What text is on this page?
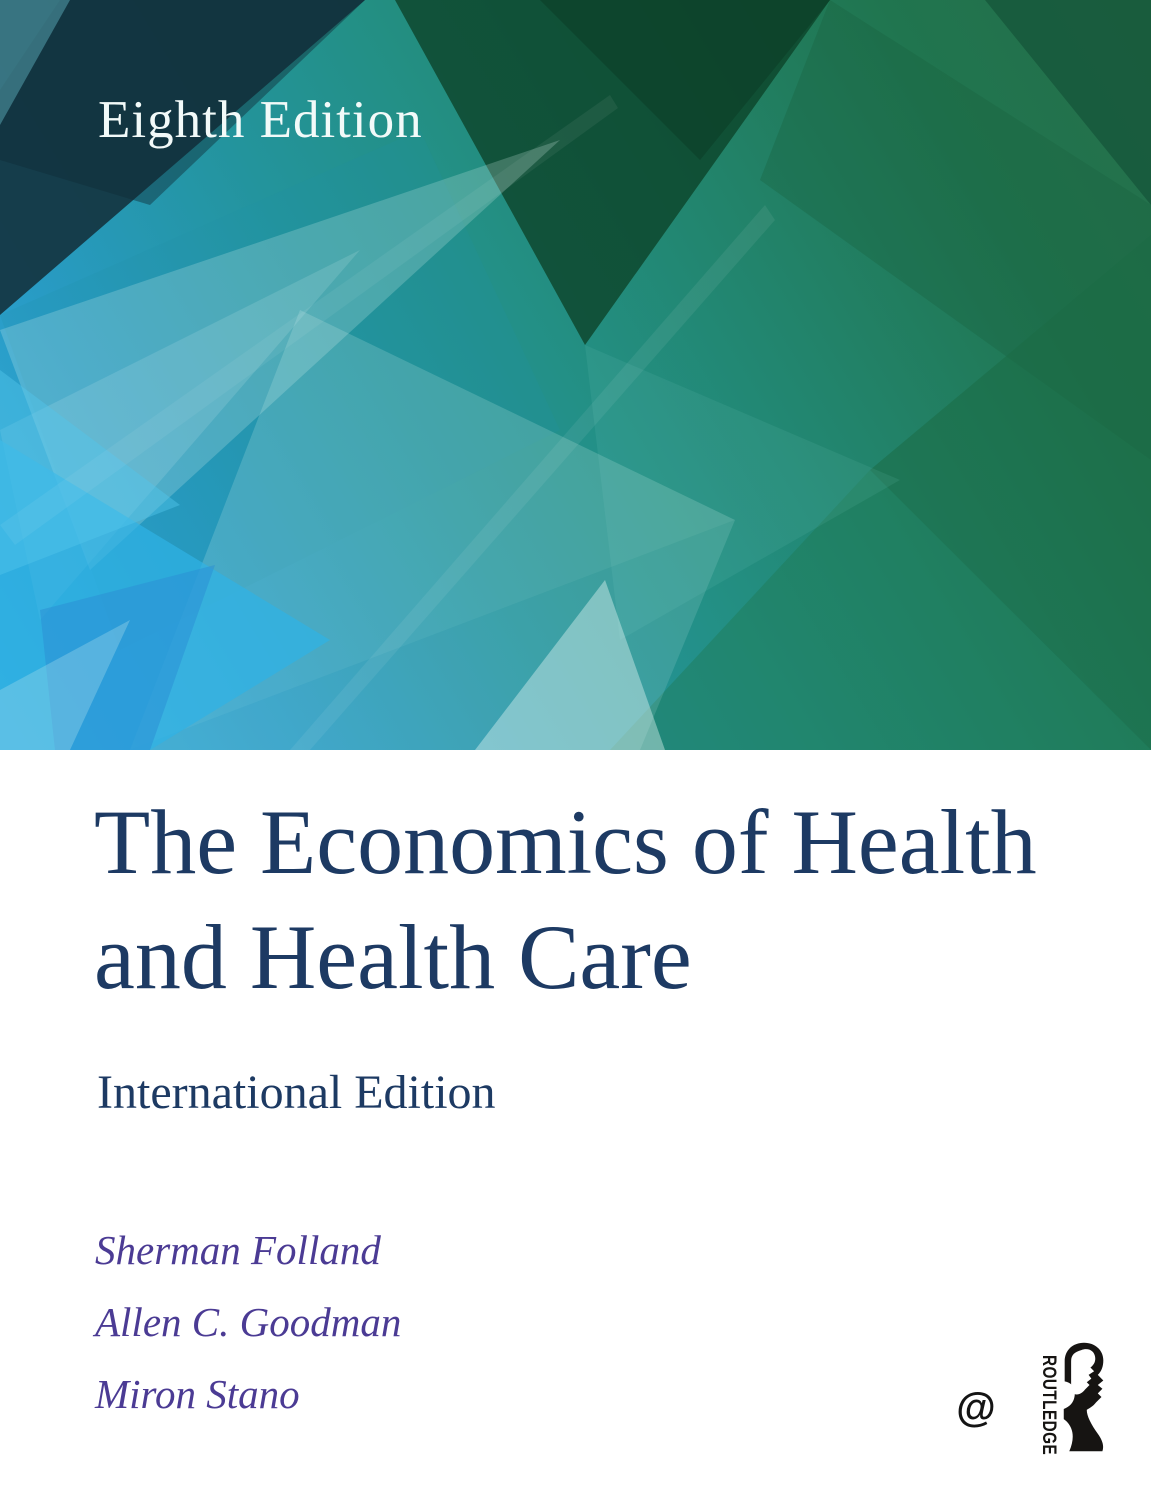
Eighth Edition
The Economics of Health
and Health Care
International Edition
Sherman Folland
Allen C. Goodman
Miron Stano	@	ROUTLEDGE
